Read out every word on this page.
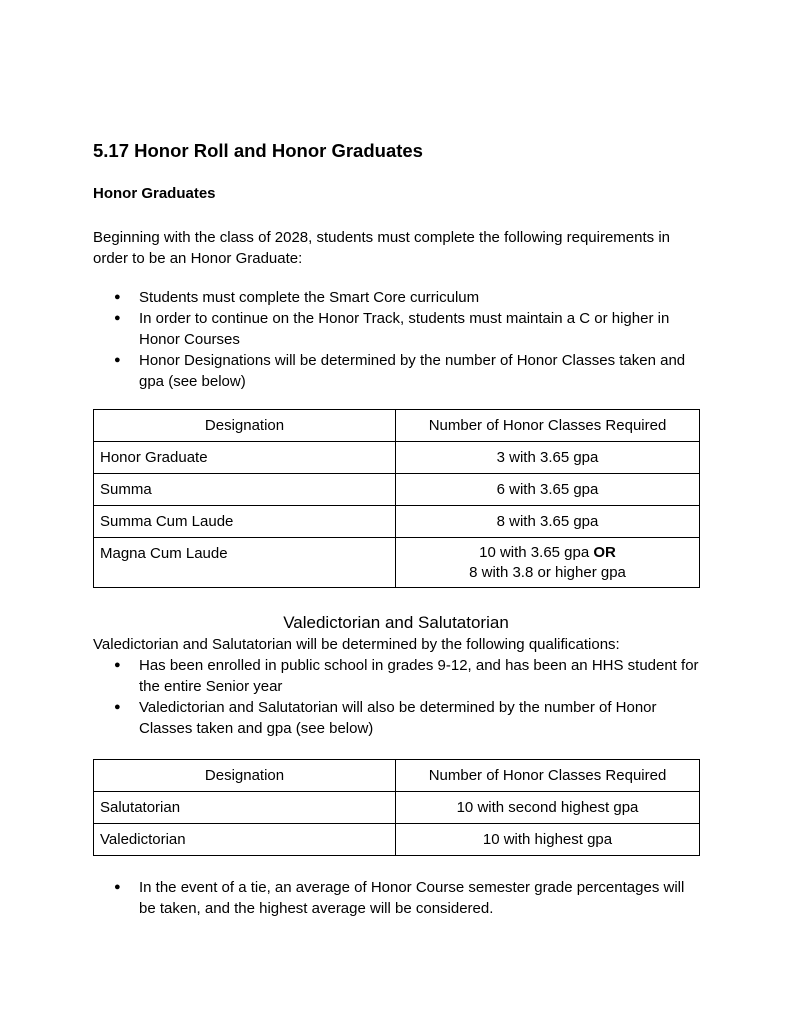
5.17 Honor Roll and Honor Graduates
Honor Graduates

Beginning with the class of 2028, students must complete the following requirements in order to be an Honor Graduate:

● Students must complete the Smart Core curriculum
● In order to continue on the Honor Track, students must maintain a C or higher in Honor Courses
● Honor Designations will be determined by the number of Honor Classes taken and gpa (see below)
Designation	Number of Honor Classes Required
Honor Graduate	3 with 3.65 gpa
Summa	6 with 3.65 gpa
Summa Cum Laude	8 with 3.65 gpa
Magna Cum Laude	10 with 3.65 gpa OR
8 with 3.8 or higher gpa
Valedictorian and Salutatorian

Valedictorian and Salutatorian will be determined by the following qualifications:

● Has been enrolled in public school in grades 9-12, and has been an HHS student for the entire Senior year
● Valedictorian and Salutatorian will also be determined by the number of Honor Classes taken and gpa (see below)
Designation	Number of Honor Classes Required
Salutatorian	10 with second highest gpa
Valedictorian	10 with highest gpa
● In the event of a tie, an average of Honor Course semester grade percentages will be taken, and the highest average will be considered.
